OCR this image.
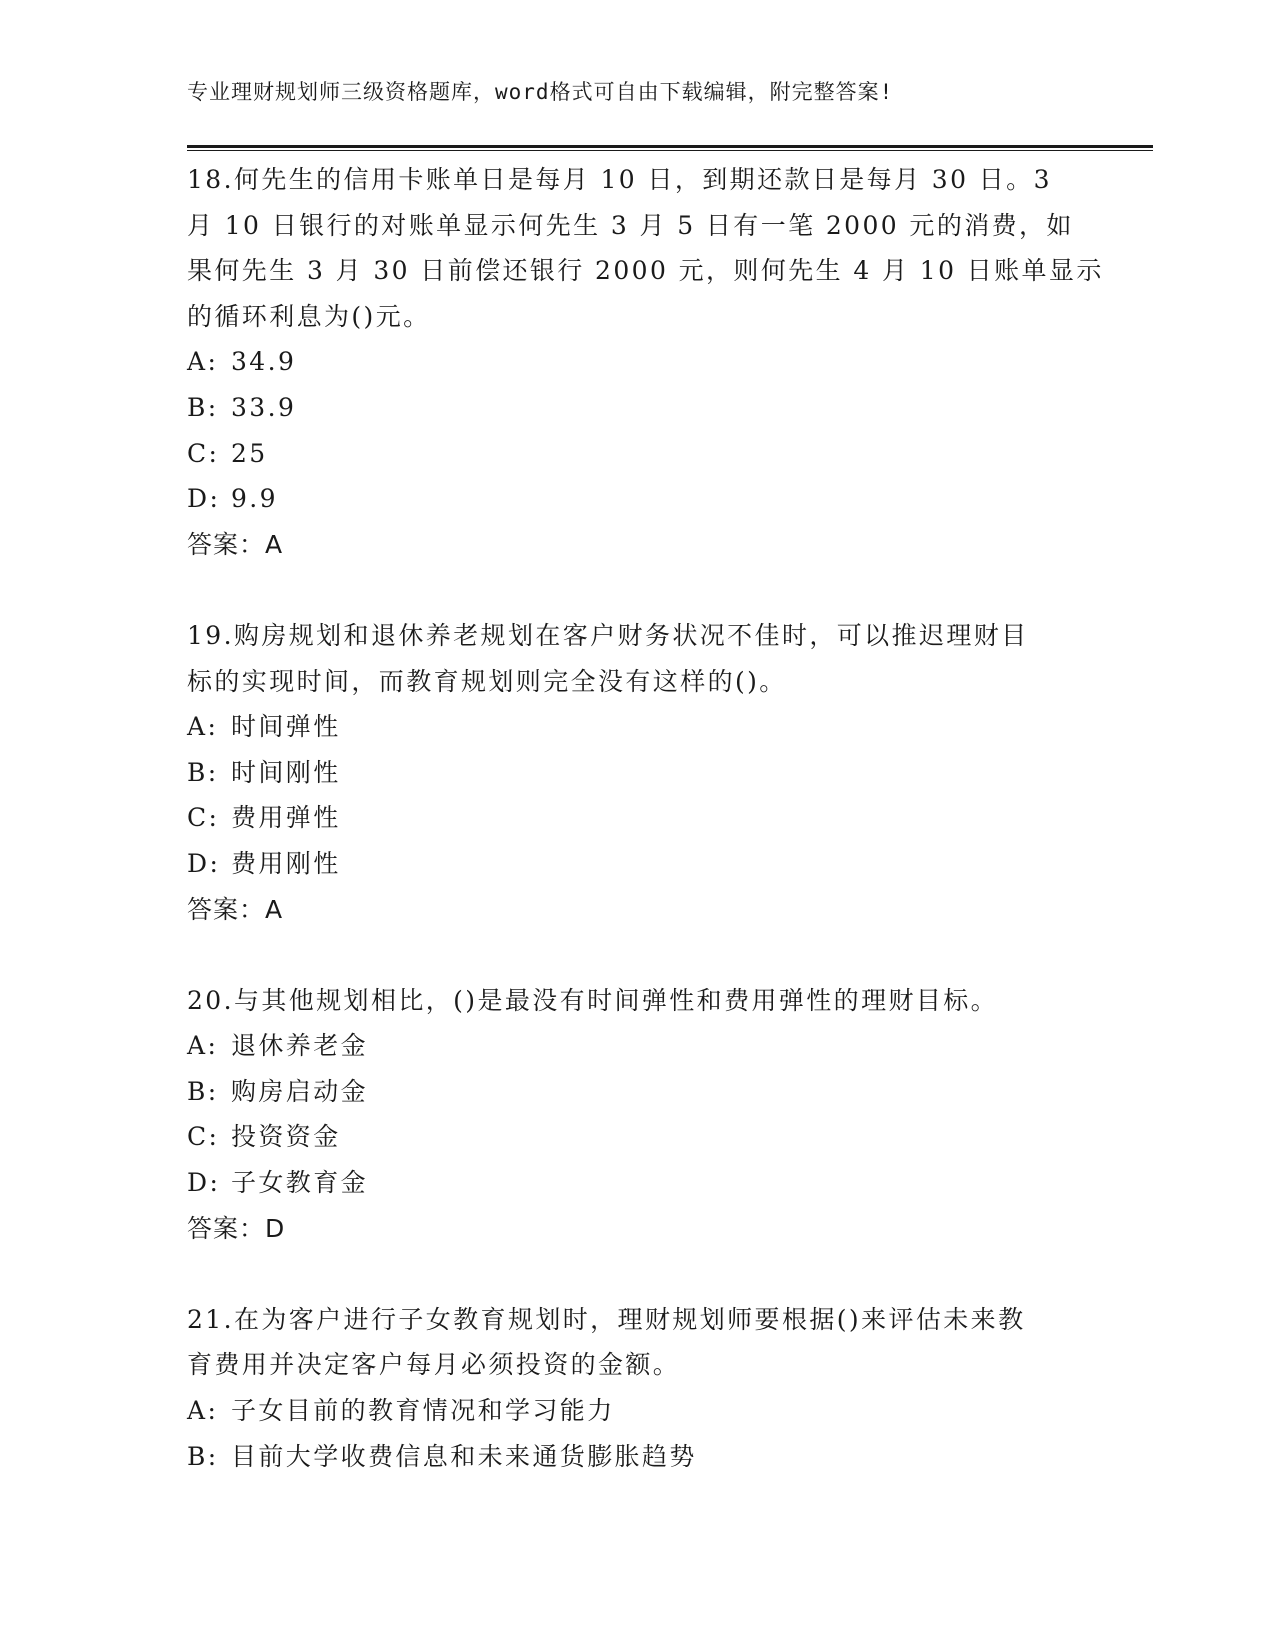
专业理财规划师三级资格题库，word格式可自由下载编辑，附完整答案!
18.何先生的信用卡账单日是每月 10 日，到期还款日是每月 30 日。3
月 10 日银行的对账单显示何先生 3 月 5 日有一笔 2000 元的消费，如
果何先生 3 月 30 日前偿还银行 2000 元，则何先生 4 月 10 日账单显示
的循环利息为()元。
A: 34.9
B: 33.9
C: 25
D: 9.9
答案：A
19.购房规划和退休养老规划在客户财务状况不佳时，可以推迟理财目
标的实现时间，而教育规划则完全没有这样的()。
A: 时间弹性
B: 时间刚性
C: 费用弹性
D: 费用刚性
答案：A
20.与其他规划相比，()是最没有时间弹性和费用弹性的理财目标。
A: 退休养老金
B: 购房启动金
C: 投资资金
D: 子女教育金
答案：D
21.在为客户进行子女教育规划时，理财规划师要根据()来评估未来教
育费用并决定客户每月必须投资的金额。
A: 子女目前的教育情况和学习能力
B: 目前大学收费信息和未来通货膨胀趋势
